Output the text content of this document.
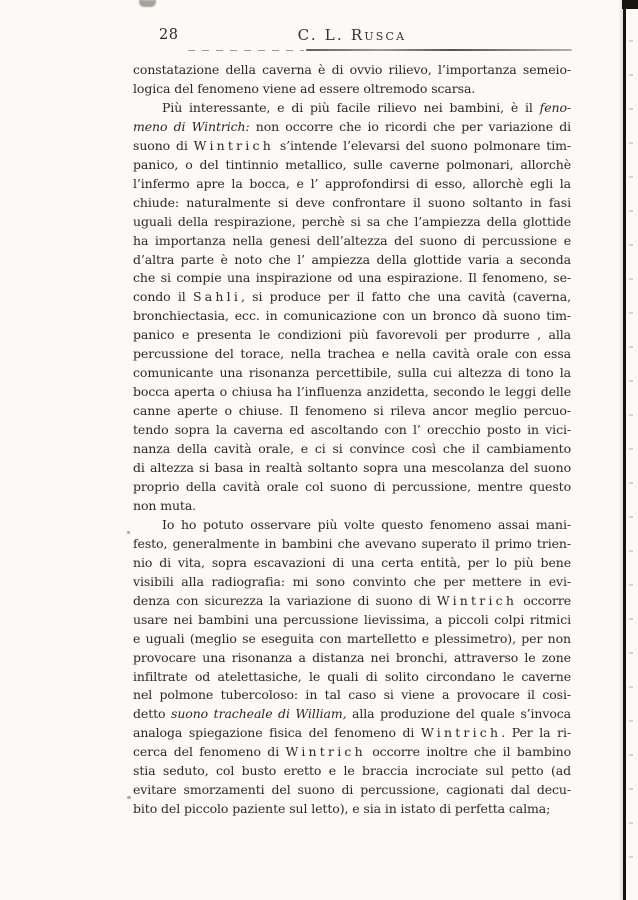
28	C. L. Rusca
constatazione della caverna è di ovvio rilievo, l’importanza semeio-
logica del fenomeno viene ad essere oltremodo scarsa.
Più interessante, e di più facile rilievo nei bambini, è il feno-
meno di Wintrich: non occorre che io ricordi che per variazione di
suono di Wintrich s’intende l’elevarsi del suono polmonare tim-
panico, o del tintinnio metallico, sulle caverne polmonari, allorchè
l’infermo apre la bocca, e l’ approfondirsi di esso, allorchè egli la
chiude: naturalmente si deve confrontare il suono soltanto in fasi
uguali della respirazione, perchè si sa che l’ampiezza della glottide
ha importanza nella genesi dell’altezza del suono di percussione e
d’altra parte è noto che l’ ampiezza della glottide varia a seconda
che si compie una inspirazione od una espirazione. Il fenomeno, se-
condo il Sahli, si produce per il fatto che una cavità (caverna,
bronchiectasia, ecc. in comunicazione con un bronco dà suono tim-
panico e presenta le condizioni più favorevoli per produrre , alla
percussione del torace, nella trachea e nella cavità orale con essa
comunicante una risonanza percettibile, sulla cui altezza di tono la
bocca aperta o chiusa ha l’influenza anzidetta, secondo le leggi delle
canne aperte o chiuse. Il fenomeno si rileva ancor meglio percuo-
tendo sopra la caverna ed ascoltando con l’ orecchio posto in vici-
nanza della cavità orale, e ci si convince così che il cambiamento
di altezza si basa in realtà soltanto sopra una mescolanza del suono
proprio della cavità orale col suono di percussione, mentre questo
non muta.
Io ho potuto osservare più volte questo fenomeno assai mani-
festo, generalmente in bambini che avevano superato il primo trien-
nio di vita, sopra escavazioni di una certa entità, per lo più bene
visibili alla radiografia: mi sono convinto che per mettere in evi-
denza con sicurezza la variazione di suono di Wintrich occorre
usare nei bambini una percussione lievissima, a piccoli colpi ritmici
e uguali (meglio se eseguita con martelletto e plessimetro), per non
provocare una risonanza a distanza nei bronchi, attraverso le zone
infiltrate od atelettasiche, le quali di solito circondano le caverne
nel polmone tubercoloso: in tal caso si viene a provocare il cosi-
detto suono tracheale di William, alla produzione del quale s’invoca
analoga spiegazione fisica del fenomeno di Wintrich. Per la ri-
cerca del fenomeno di Wintrich occorre inoltre che il bambino
stia seduto, col busto eretto e le braccia incrociate sul petto (ad
evitare smorzamenti del suono di percussione, cagionati dal decu-
bito del piccolo paziente sul letto), e sia in istato di perfetta calma;
